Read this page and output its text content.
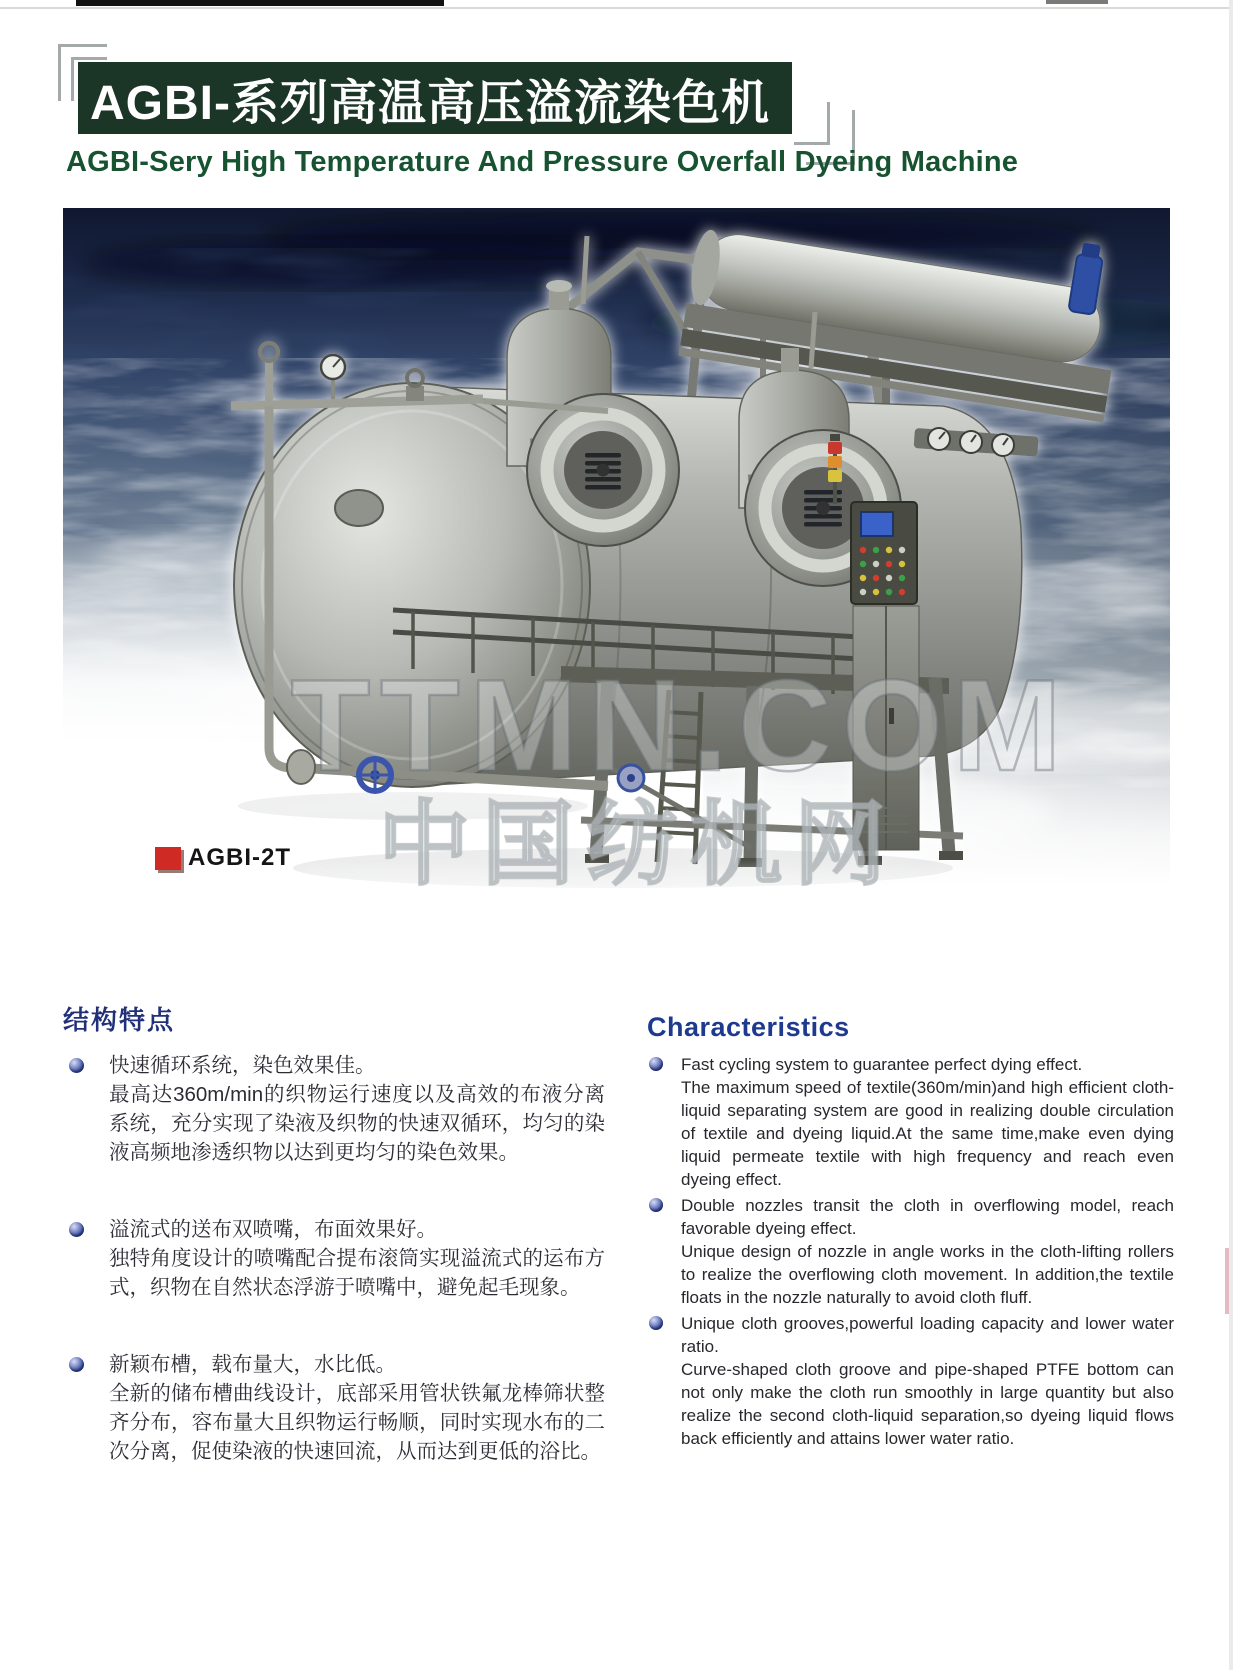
AGBI-系列高温高压溢流染色机
AGBI-Sery High Temperature And Pressure Overfall Dyeing Machine
TTMN.COM
中国纺机网
AGBI-2T
结构特点
快速循环系统，染色效果佳。
最高达360m/min的织物运行速度以及高效的布液分离系统，充分实现了染液及织物的快速双循环，均匀的染液高频地渗透织物以达到更均匀的染色效果。
溢流式的送布双喷嘴，布面效果好。
独特角度设计的喷嘴配合提布滚筒实现溢流式的运布方式，织物在自然状态浮游于喷嘴中，避免起毛现象。
新颖布槽，载布量大，水比低。
全新的储布槽曲线设计，底部采用管状铁氟龙棒筛状整齐分布，容布量大且织物运行畅顺，同时实现水布的二次分离，促使染液的快速回流，从而达到更低的浴比。
Characteristics
Fast cycling system to guarantee perfect dying effect.
The maximum speed of textile(360m/min)and high efficient cloth-liquid separating system are good in realizing double circulation of textile and dyeing liquid.At the same time,make even dying liquid permeate textile with high frequency and reach even dyeing effect.
Double nozzles transit the cloth in overflowing model, reach favorable dyeing effect.
Unique design of nozzle in angle works in the cloth-lifting rollers to realize the overflowing cloth movement. In addition,the textile floats in the nozzle naturally to avoid cloth fluff.
Unique cloth grooves,powerful loading capacity and lower water ratio.
Curve-shaped cloth groove and pipe-shaped PTFE bottom can not only make the cloth run smoothly in large quantity but also realize the second cloth-liquid separation,so dyeing liquid flows back efficiently and attains lower water ratio.
